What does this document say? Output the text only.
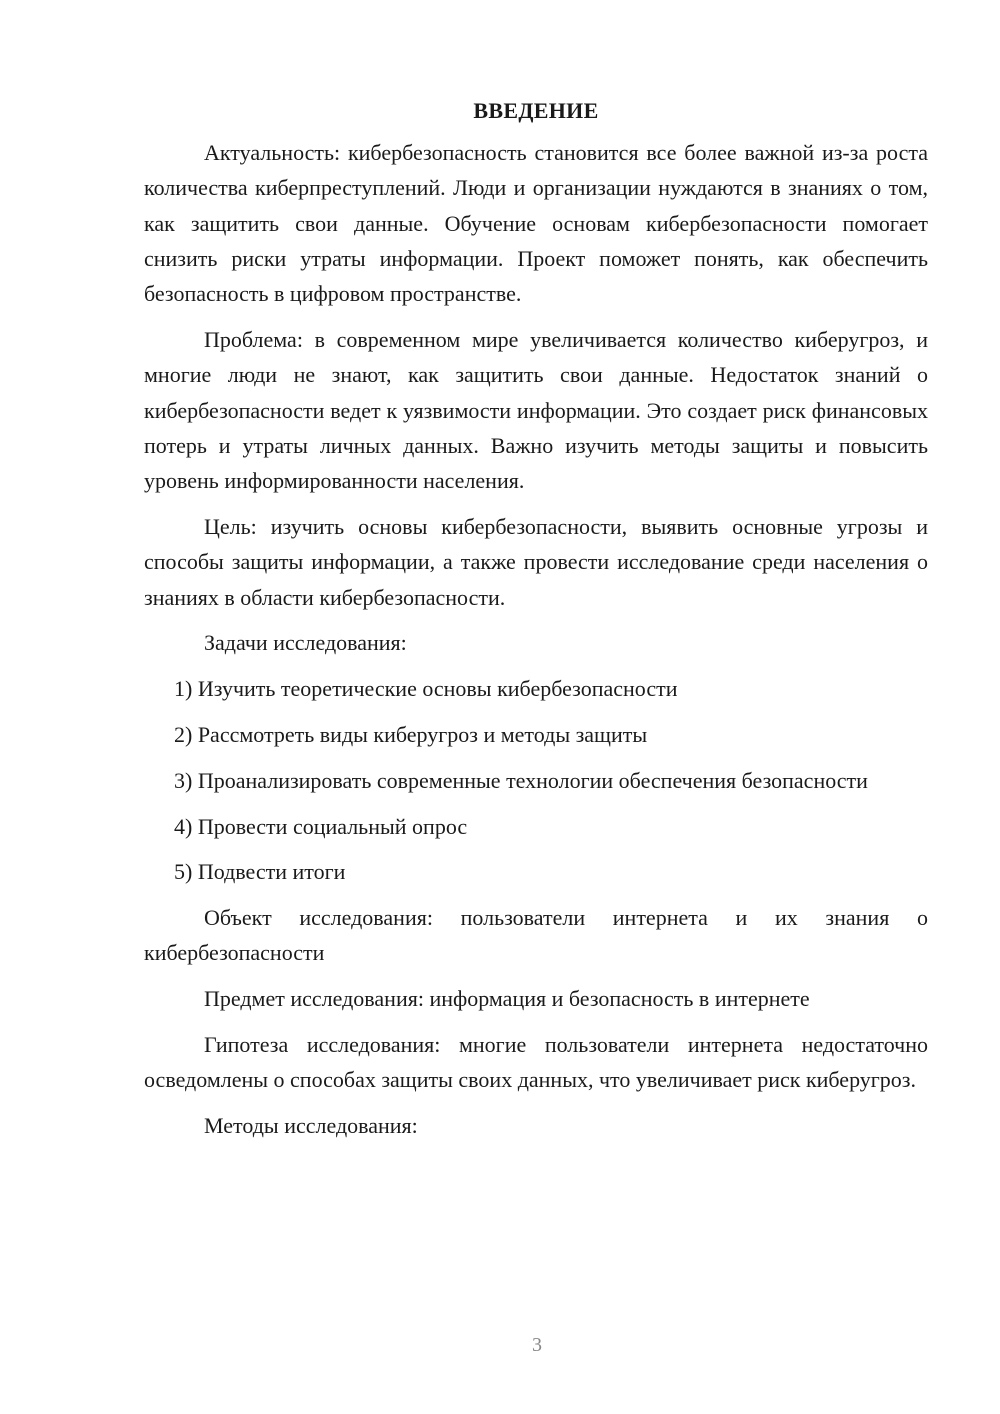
ВВЕДЕНИЕ

Актуальность: кибербезопасность становится все более важной из-за роста количества киберпреступлений. Люди и организации нуждаются в знаниях о том, как защитить свои данные. Обучение основам кибербезопасности помогает снизить риски утраты информации. Проект поможет понять, как обеспечить безопасность в цифровом пространстве.

Проблема: в современном мире увеличивается количество киберугроз, и многие люди не знают, как защитить свои данные. Недостаток знаний о кибербезопасности ведет к уязвимости информации. Это создает риск финансовых потерь и утраты личных данных. Важно изучить методы защиты и повысить уровень информированности населения.

Цель: изучить основы кибербезопасности, выявить основные угрозы и способы защиты информации, а также провести исследование среди населения о знаниях в области кибербезопасности.

Задачи исследования:

1) Изучить теоретические основы кибербезопасности

2) Рассмотреть виды киберугроз и методы защиты

3) Проанализировать современные технологии обеспечения безопасности

4) Провести социальный опрос

5) Подвести итоги

Объект исследования: пользователи интернета и их знания о кибербезопасности

Предмет исследования: информация и безопасность в интернете

Гипотеза исследования: многие пользователи интернета недостаточно осведомлены о способах защиты своих данных, что увеличивает риск киберугроз.

Методы исследования:

3
